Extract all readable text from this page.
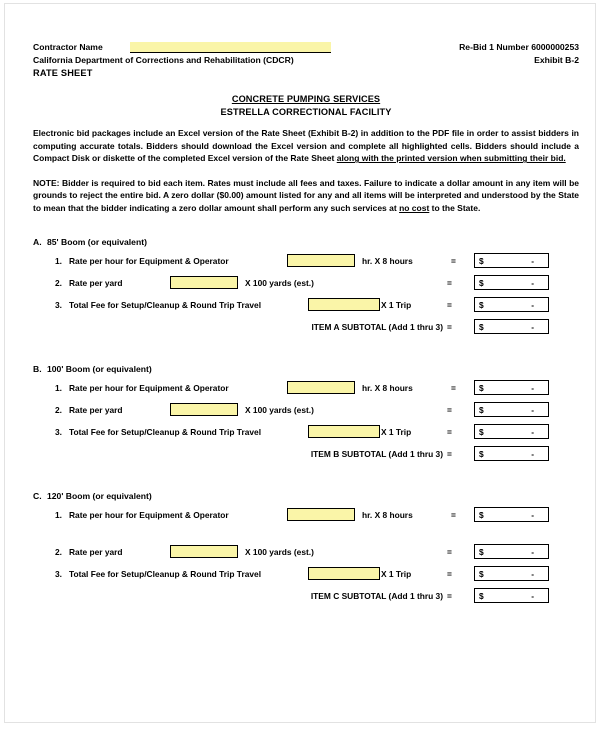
Contractor Name	Re-Bid 1 Number 6000000253
California Department of Corrections and Rehabilitation (CDCR)	Exhibit B-2
RATE SHEET
CONCRETE PUMPING SERVICES
ESTRELLA CORRECTIONAL FACILITY
Electronic bid packages include an Excel version of the Rate Sheet (Exhibit B-2) in addition to the PDF file in order to assist bidders in computing accurate totals. Bidders should download the Excel version and complete all highlighted cells. Bidders should include a Compact Disk or diskette of the completed Excel version of the Rate Sheet along with the printed version when submitting their bid.
NOTE: Bidder is required to bid each item. Rates must include all fees and taxes. Failure to indicate a dollar amount in any item will be grounds to reject the entire bid. A zero dollar ($0.00) amount listed for any and all items will be interpreted and understood by the State to mean that the bidder indicating a zero dollar amount shall perform any such services at no cost to the State.
A. 85' Boom (or equivalent)
1. Rate per hour for Equipment & Operator	hr. X 8 hours	=	$	-
2. Rate per yard	X 100 yards (est.)	=	$	-
3. Total Fee for Setup/Cleanup & Round Trip Travel	X 1 Trip	=	$	-
ITEM A SUBTOTAL (Add 1 thru 3) =	$	-
B. 100' Boom (or equivalent)
1. Rate per hour for Equipment & Operator	hr. X 8 hours	=	$	-
2. Rate per yard	X 100 yards (est.)	=	$	-
3. Total Fee for Setup/Cleanup & Round Trip Travel	X 1 Trip	=	$	-
ITEM B SUBTOTAL (Add 1 thru 3) =	$	-
C. 120' Boom (or equivalent)
1. Rate per hour for Equipment & Operator	hr. X 8 hours	=	$	-
2. Rate per yard	X 100 yards (est.)	=	$	-
3. Total Fee for Setup/Cleanup & Round Trip Travel	X 1 Trip	=	$	-
ITEM C SUBTOTAL (Add 1 thru 3) =	$	-
